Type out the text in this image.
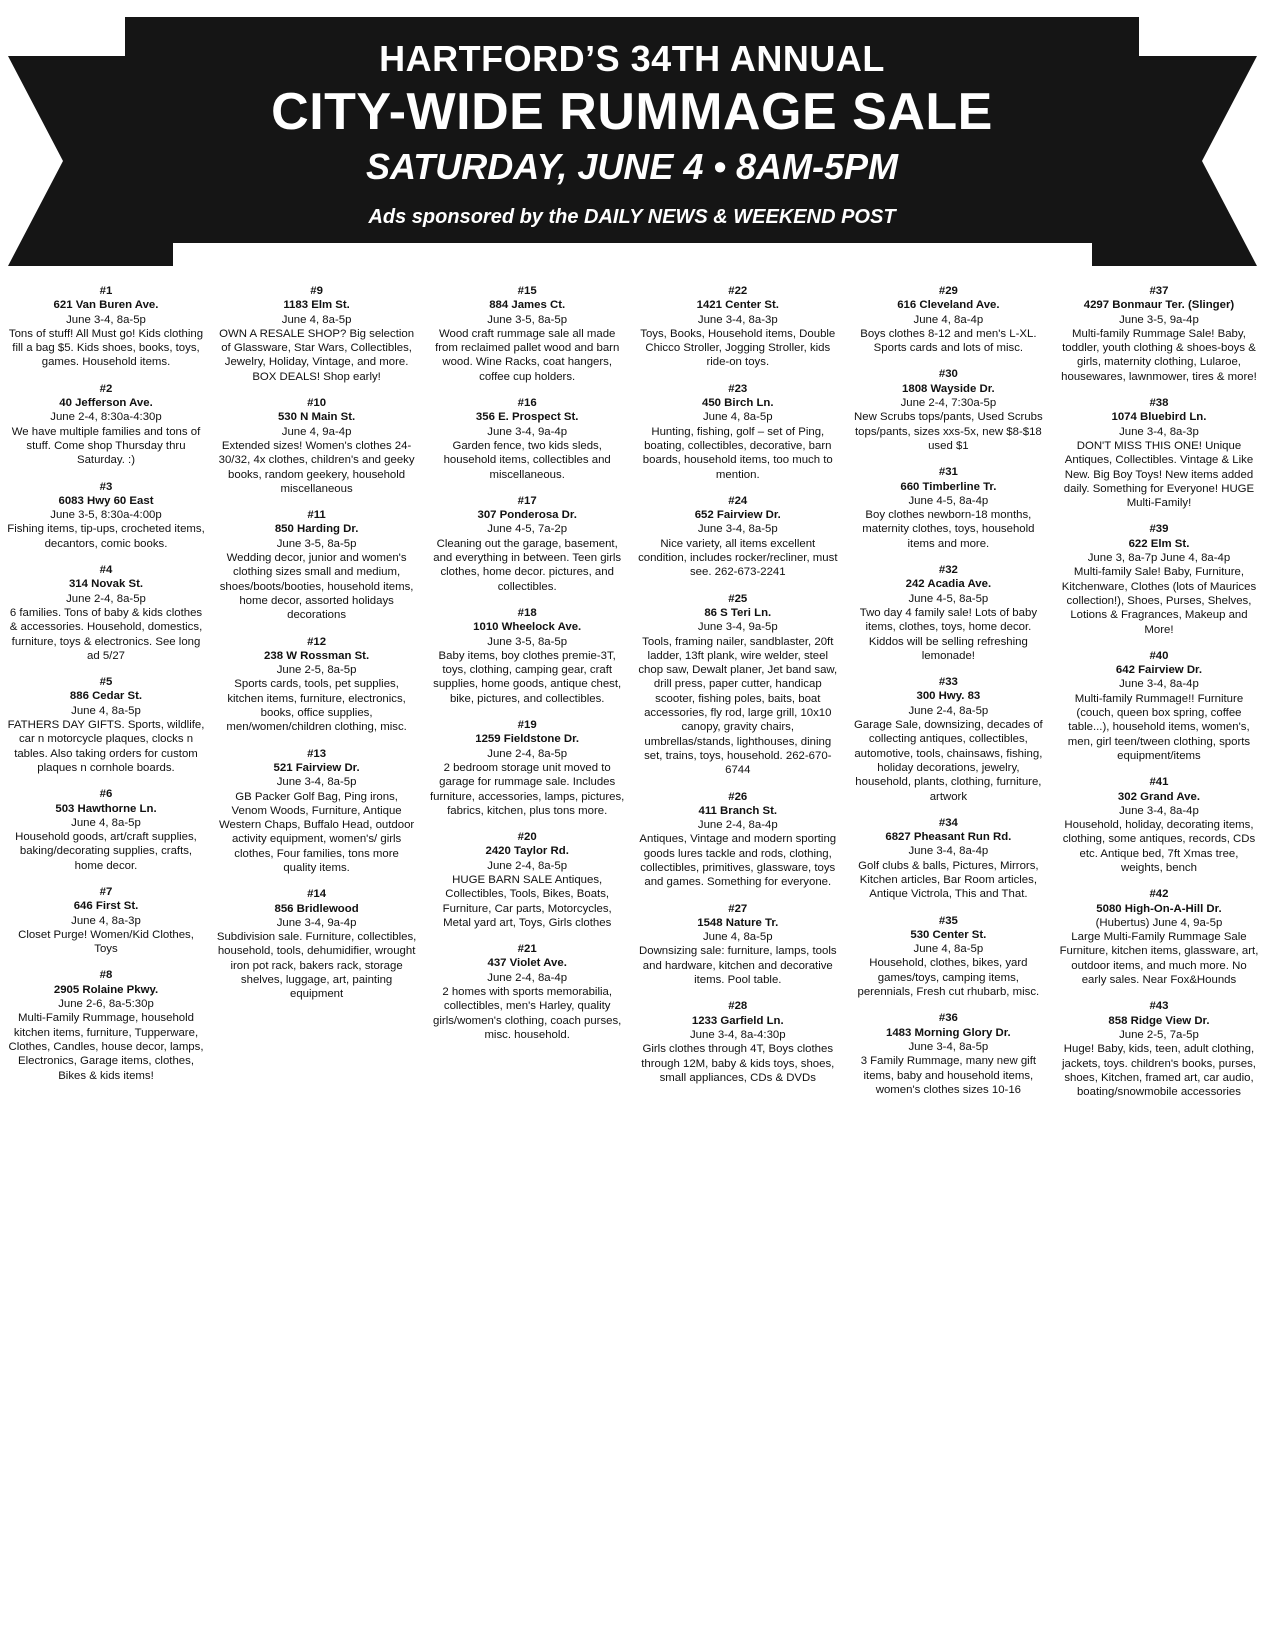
HARTFORD’S 34TH ANNUAL
CITY-WIDE RUMMAGE SALE
SATURDAY, JUNE 4 • 8AM-5PM
Ads sponsored by the DAILY NEWS & WEEKEND POST
#1
621 Van Buren Ave.
June 3-4, 8a-5p
Tons of stuff! All Must go! Kids clothing fill a bag $5. Kids shoes, books, toys, games. Household items.
#2
40 Jefferson Ave.
June 2-4, 8:30a-4:30p
We have multiple families and tons of stuff. Come shop Thursday thru Saturday. :)
#3
6083 Hwy 60 East
June 3-5, 8:30a-4:00p
Fishing items, tip-ups, crocheted items, decantors, comic books.
#4
314 Novak St.
June 2-4, 8a-5p
6 families. Tons of baby & kids clothes & accessories. Household, domestics, furniture, toys & electronics. See long ad 5/27
#5
886 Cedar St.
June 4, 8a-5p
FATHERS DAY GIFTS. Sports, wildlife, car n motorcycle plaques, clocks n tables. Also taking orders for custom plaques n cornhole boards.
#6
503 Hawthorne Ln.
June 4, 8a-5p
Household goods, art/craft supplies, baking/decorating supplies, crafts, home decor.
#7
646 First St.
June 4, 8a-3p
Closet Purge! Women/Kid Clothes, Toys
#8
2905 Rolaine Pkwy.
June 2-6, 8a-5:30p
Multi-Family Rummage, household kitchen items, furniture, Tupperware, Clothes, Candles, house decor, lamps, Electronics, Garage items, clothes, Bikes & kids items!
#9
1183 Elm St.
June 4, 8a-5p
OWN A RESALE SHOP? Big selection of Glassware, Star Wars, Collectibles, Jewelry, Holiday, Vintage, and more. BOX DEALS! Shop early!
#10
530 N Main St.
June 4, 9a-4p
Extended sizes! Women's clothes 24-30/32, 4x clothes, children's and geeky books, random geekery, household miscellaneous
#11
850 Harding Dr.
June 3-5, 8a-5p
Wedding decor, junior and women's clothing sizes small and medium, shoes/boots/booties, household items, home decor, assorted holidays decorations
#12
238 W Rossman St.
June 2-5, 8a-5p
Sports cards, tools, pet supplies, kitchen items, furniture, electronics, books, office supplies, men/women/children clothing, misc.
#13
521 Fairview Dr.
June 3-4, 8a-5p
GB Packer Golf Bag, Ping irons, Venom Woods, Furniture, Antique Western Chaps, Buffalo Head, outdoor activity equipment, women's/ girls clothes, Four families, tons more quality items.
#14
856 Bridlewood
June 3-4, 9a-4p
Subdivision sale. Furniture, collectibles, household, tools, dehumidifier, wrought iron pot rack, bakers rack, storage shelves, luggage, art, painting equipment
#15
884 James Ct.
June 3-5, 8a-5p
Wood craft rummage sale all made from reclaimed pallet wood and barn wood. Wine Racks, coat hangers, coffee cup holders.
#16
356 E. Prospect St.
June 3-4, 9a-4p
Garden fence, two kids sleds, household items, collectibles and miscellaneous.
#17
307 Ponderosa Dr.
June 4-5, 7a-2p
Cleaning out the garage, basement, and everything in between. Teen girls clothes, home decor. pictures, and collectibles.
#18
1010 Wheelock Ave.
June 3-5, 8a-5p
Baby items, boy clothes premie-3T, toys, clothing, camping gear, craft supplies, home goods, antique chest, bike, pictures, and collectibles.
#19
1259 Fieldstone Dr.
June 2-4, 8a-5p
2 bedroom storage unit moved to garage for rummage sale. Includes furniture, accessories, lamps, pictures, fabrics, kitchen, plus tons more.
#20
2420 Taylor Rd.
June 2-4, 8a-5p
HUGE BARN SALE Antiques, Collectibles, Tools, Bikes, Boats, Furniture, Car parts, Motorcycles, Metal yard art, Toys, Girls clothes
#21
437 Violet Ave.
June 2-4, 8a-4p
2 homes with sports memorabilia, collectibles, men's Harley, quality girls/women's clothing, coach purses, misc. household.
#22
1421 Center St.
June 3-4, 8a-3p
Toys, Books, Household items, Double Chicco Stroller, Jogging Stroller, kids ride-on toys.
#23
450 Birch Ln.
June 4, 8a-5p
Hunting, fishing, golf – set of Ping, boating, collectibles, decorative, barn boards, household items, too much to mention.
#24
652 Fairview Dr.
June 3-4, 8a-5p
Nice variety, all items excellent condition, includes rocker/recliner, must see. 262-673-2241
#25
86 S Teri Ln.
June 3-4, 9a-5p
Tools, framing nailer, sandblaster, 20ft ladder, 13ft plank, wire welder, steel chop saw, Dewalt planer, Jet band saw, drill press, paper cutter, handicap scooter, fishing poles, baits, boat accessories, fly rod, large grill, 10x10 canopy, gravity chairs, umbrellas/stands, lighthouses, dining set, trains, toys, household. 262-670-6744
#26
411 Branch St.
June 2-4, 8a-4p
Antiques, Vintage and modern sporting goods lures tackle and rods, clothing, collectibles, primitives, glassware, toys and games. Something for everyone.
#27
1548 Nature Tr.
June 4, 8a-5p
Downsizing sale: furniture, lamps, tools and hardware, kitchen and decorative items. Pool table.
#28
1233 Garfield Ln.
June 3-4, 8a-4:30p
Girls clothes through 4T, Boys clothes through 12M, baby & kids toys, shoes, small appliances, CDs & DVDs
#29
616 Cleveland Ave.
June 4, 8a-4p
Boys clothes 8-12 and men's L-XL. Sports cards and lots of misc.
#30
1808 Wayside Dr.
June 2-4, 7:30a-5p
New Scrubs tops/pants, Used Scrubs tops/pants, sizes xxs-5x, new $8-$18 used $1
#31
660 Timberline Tr.
June 4-5, 8a-4p
Boy clothes newborn-18 months, maternity clothes, toys, household items and more.
#32
242 Acadia Ave.
June 4-5, 8a-5p
Two day 4 family sale! Lots of baby items, clothes, toys, home decor. Kiddos will be selling refreshing lemonade!
#33
300 Hwy. 83
June 2-4, 8a-5p
Garage Sale, downsizing, decades of collecting antiques, collectibles, automotive, tools, chainsaws, fishing, holiday decorations, jewelry, household, plants, clothing, furniture, artwork
#34
6827 Pheasant Run Rd.
June 3-4, 8a-4p
Golf clubs & balls, Pictures, Mirrors, Kitchen articles, Bar Room articles, Antique Victrola, This and That.
#35
530 Center St.
June 4, 8a-5p
Household, clothes, bikes, yard games/toys, camping items, perennials, Fresh cut rhubarb, misc.
#36
1483 Morning Glory Dr.
June 3-4, 8a-5p
3 Family Rummage, many new gift items, baby and household items, women's clothes sizes 10-16
#37
4297 Bonmaur Ter. (Slinger)
June 3-5, 9a-4p
Multi-family Rummage Sale! Baby, toddler, youth clothing & shoes-boys & girls, maternity clothing, Lularoe, housewares, lawnmower, tires & more!
#38
1074 Bluebird Ln.
June 3-4, 8a-3p
DON'T MISS THIS ONE! Unique Antiques, Collectibles. Vintage & Like New. Big Boy Toys! New items added daily. Something for Everyone! HUGE Multi-Family!
#39
622 Elm St.
June 3, 8a-7p June 4, 8a-4p
Multi-family Sale! Baby, Furniture, Kitchenware, Clothes (lots of Maurices collection!), Shoes, Purses, Shelves, Lotions & Fragrances, Makeup and More!
#40
642 Fairview Dr.
June 3-4, 8a-4p
Multi-family Rummage!! Furniture (couch, queen box spring, coffee table...), household items, women's, men, girl teen/tween clothing, sports equipment/items
#41
302 Grand Ave.
June 3-4, 8a-4p
Household, holiday, decorating items, clothing, some antiques, records, CDs etc. Antique bed, 7ft Xmas tree, weights, bench
#42
5080 High-On-A-Hill Dr.
(Hubertus) June 4, 9a-5p
Large Multi-Family Rummage Sale Furniture, kitchen items, glassware, art, outdoor items, and much more. No early sales. Near Fox&Hounds
#43
858 Ridge View Dr.
June 2-5, 7a-5p
Huge! Baby, kids, teen, adult clothing, jackets, toys. children's books, purses, shoes, Kitchen, framed art, car audio, boating/snowmobile accessories
